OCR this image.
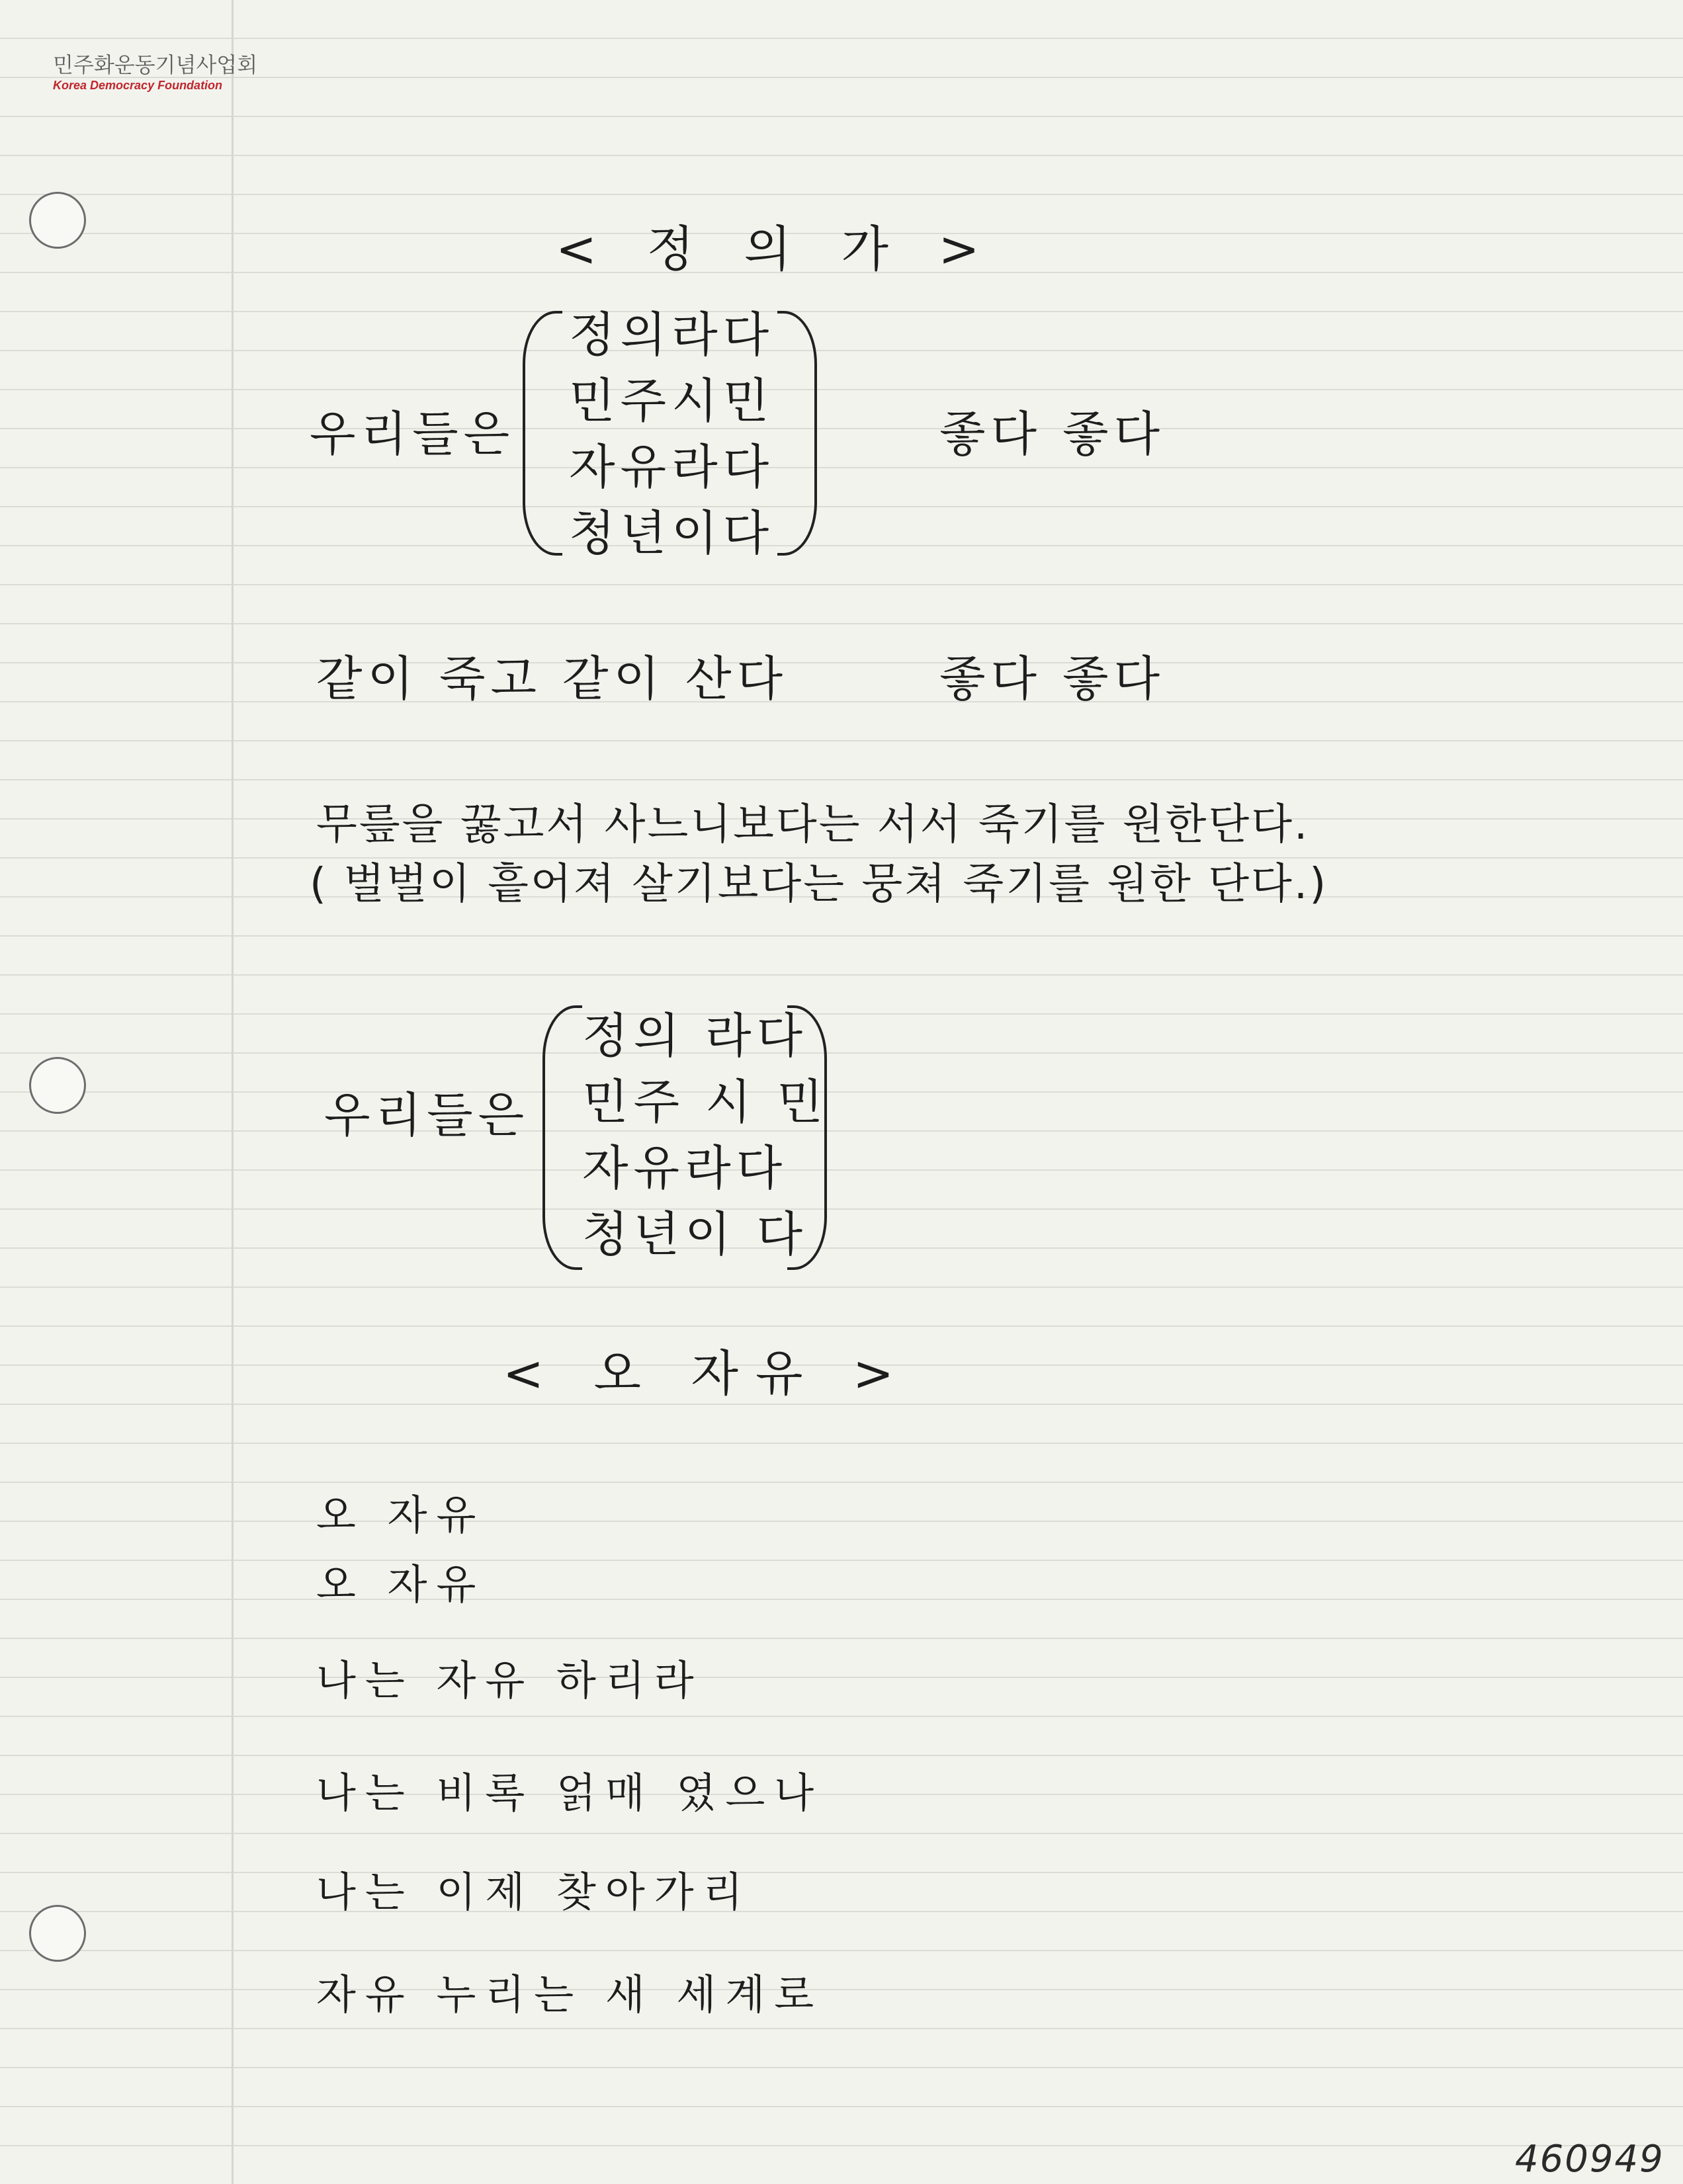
민주화운동기념사업회
Korea Democracy Foundation
< 정 의 가 >
우리들은
정의라다
민주시민
자유라다
청년이다
좋다 좋다
같이 죽고 같이 산다	좋다 좋다
무릎을 꿇고서 사느니보다는 서서 죽기를 원한단다.
( 벌벌이 흩어져 살기보다는 뭉쳐 죽기를 원한 단다.)
우리들은
정의 라다
민주 시 민
자유라다
청년이 다
< 오 자유 >
오 자유
오 자유
나는 자유 하리라
나는 비록 얽매 였으나
나는 이제 찾아가리
자유 누리는 새 세계로
460949
